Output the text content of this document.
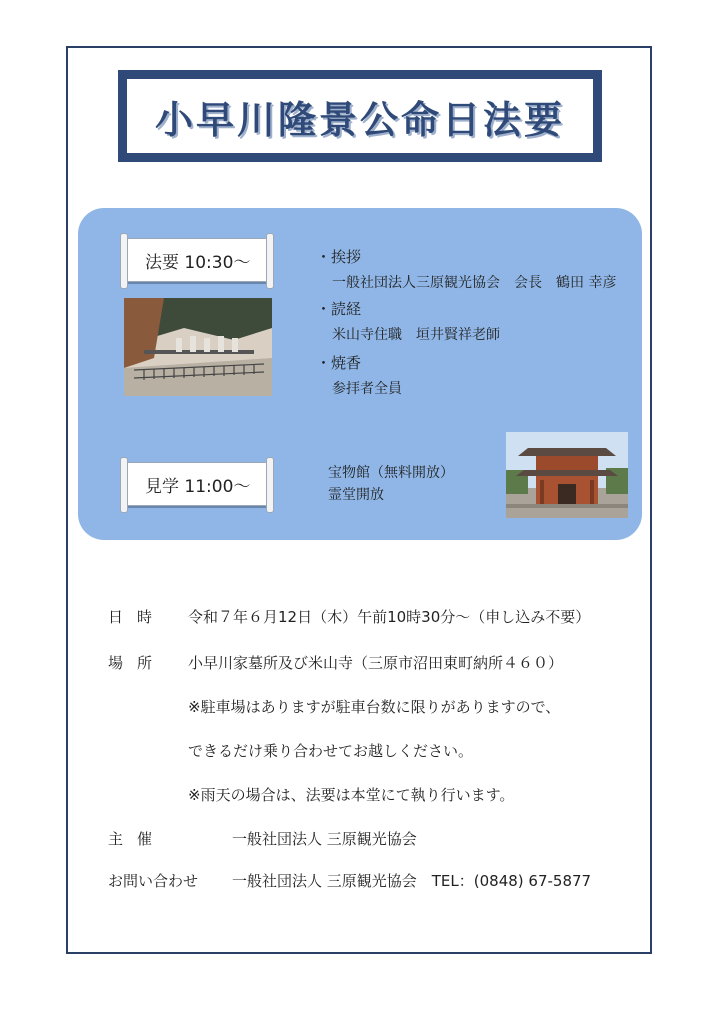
小早川隆景公命日法要
法要 10:30～	・挨拶
一般社団法人三原観光協会　会長　鶴田 幸彦
・読経
米山寺住職　垣井賢祥老師
・焼香
参拝者全員
見学 11:00～
宝物館（無料開放）
霊堂開放
日時 令和７年６月12日（木）午前10時30分～（申し込み不要）
場所 小早川家墓所及び米山寺（三原市沼田東町納所４６０）
※駐車場はありますが駐車台数に限りがありますので、
できるだけ乗り合わせてお越しください。
※雨天の場合は、法要は本堂にて執り行います。
主催	一般社団法人 三原観光協会
お問い合わせ 一般社団法人 三原観光協会　TEL：(0848) 67-5877
